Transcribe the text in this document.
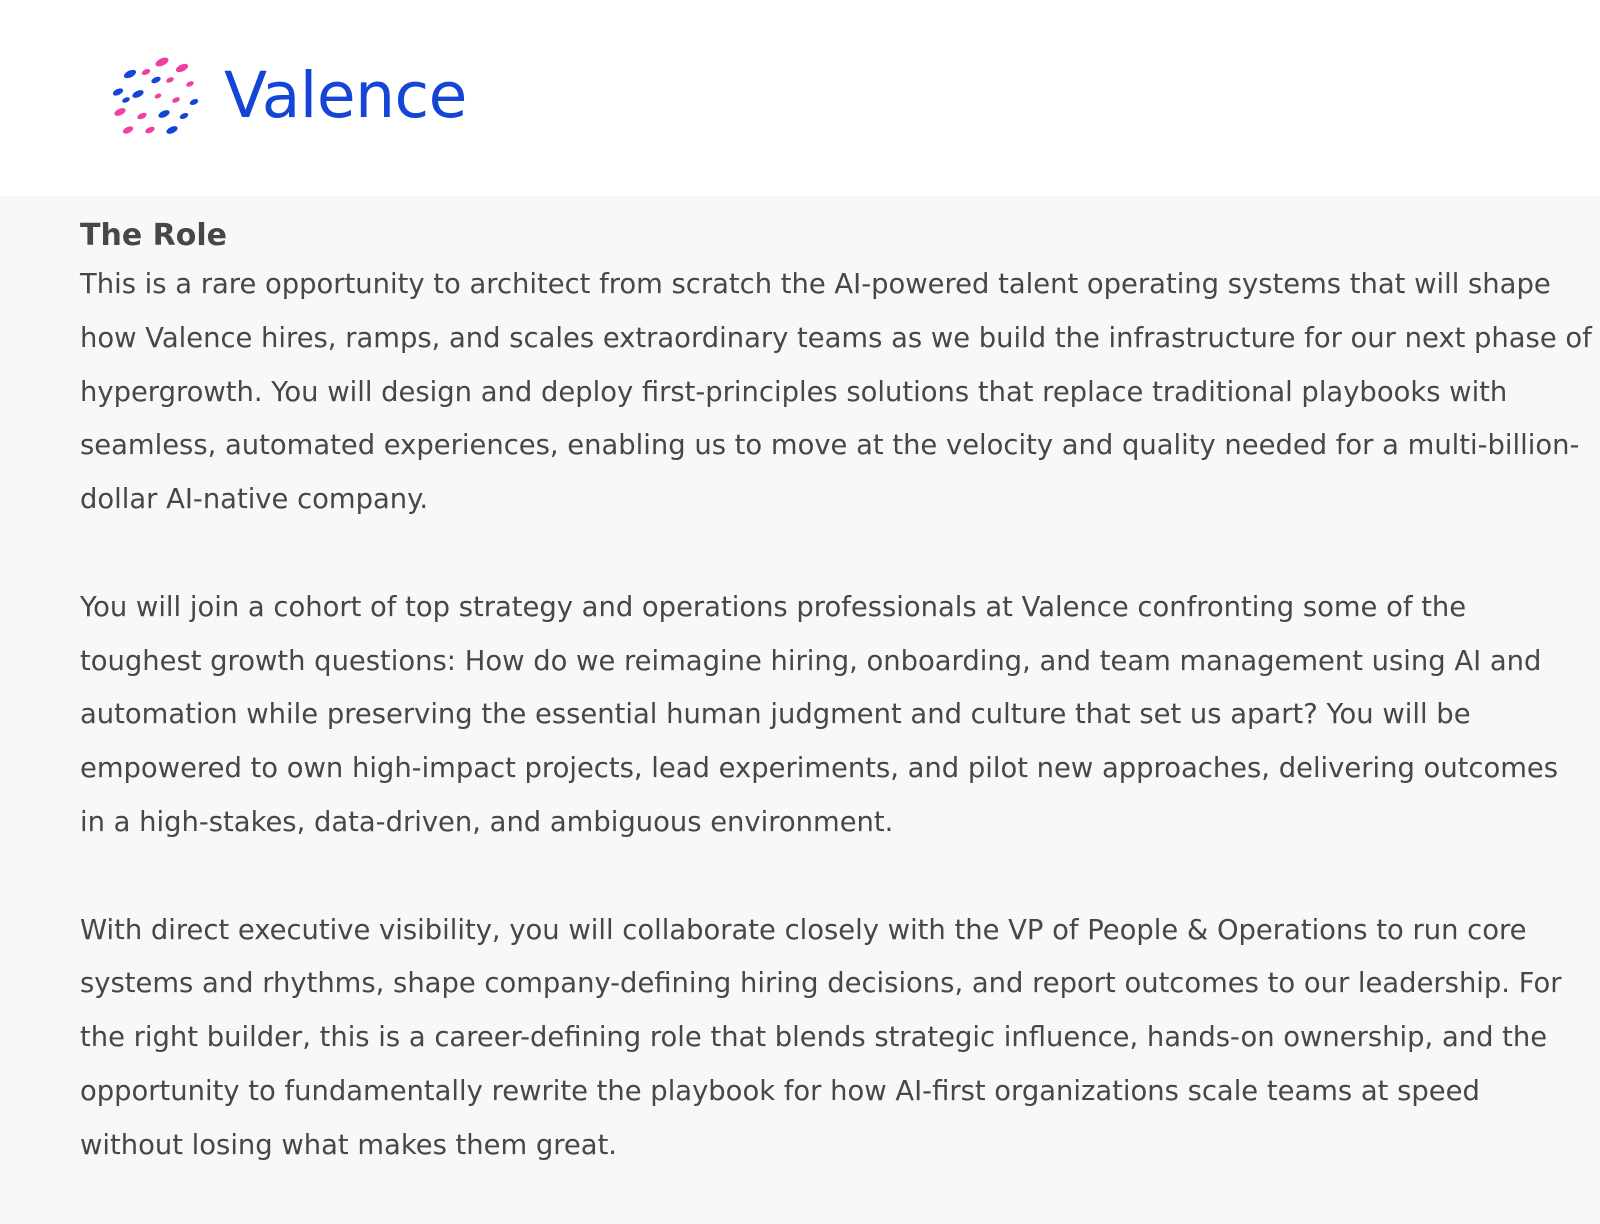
Valence
The Role

This is a rare opportunity to architect from scratch the AI-powered talent operating systems that will shape
how Valence hires, ramps, and scales extraordinary teams as we build the infrastructure for our next phase of
hypergrowth. You will design and deploy first-principles solutions that replace traditional playbooks with
seamless, automated experiences, enabling us to move at the velocity and quality needed for a multi-billion-
dollar AI-native company.

You will join a cohort of top strategy and operations professionals at Valence confronting some of the
toughest growth questions: How do we reimagine hiring, onboarding, and team management using AI and
automation while preserving the essential human judgment and culture that set us apart? You will be
empowered to own high-impact projects, lead experiments, and pilot new approaches, delivering outcomes
in a high-stakes, data-driven, and ambiguous environment.

With direct executive visibility, you will collaborate closely with the VP of People & Operations to run core
systems and rhythms, shape company-defining hiring decisions, and report outcomes to our leadership. For
the right builder, this is a career-defining role that blends strategic influence, hands-on ownership, and the
opportunity to fundamentally rewrite the playbook for how AI-first organizations scale teams at speed
without losing what makes them great.
